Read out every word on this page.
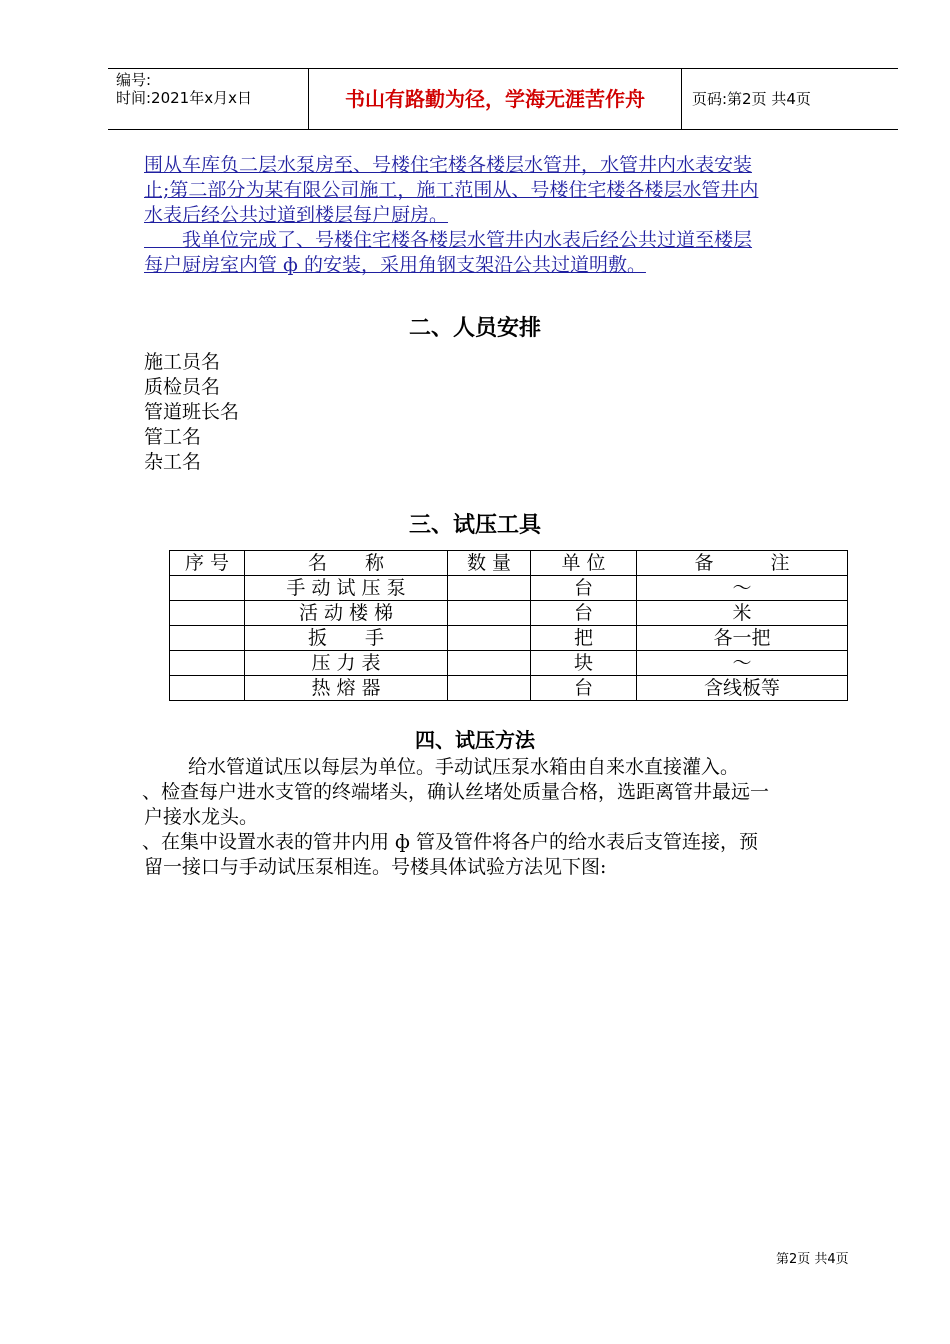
编号:
时间:2021年x月x日	书山有路勤为径，学海无涯苦作舟	页码:第2页 共4页
围从车库负二层水泵房至、号楼住宅楼各楼层水管井，水管井内水表安装
止;第二部分为某有限公司施工，施工范围从、号楼住宅楼各楼层水管井内
水表后经公共过道到楼层每户厨房。
　　我单位完成了、号楼住宅楼各楼层水管井内水表后经公共过道至楼层
每户厨房室内管 ф 的安装，采用角钢支架沿公共过道明敷。
二、人员安排
施工员名
质检员名
管道班长名
管工名
杂工名
三、试压工具
序 号	名　　称	数 量	单 位	备　　　注
	手 动 试 压 泵		台	～
	活 动 楼 梯		台	米
	扳　　手		把	各一把
	压 力 表		块	～
	热 熔 器		台	含线板等
四、试压方法
给水管道试压以每层为单位。手动试压泵水箱由自来水直接灌入。
、检查每户进水支管的终端堵头，确认丝堵处质量合格，选距离管井最远一
户接水龙头。
、在集中设置水表的管井内用 ф 管及管件将各户的给水表后支管连接，预
留一接口与手动试压泵相连。号楼具体试验方法见下图:
第2页 共4页
